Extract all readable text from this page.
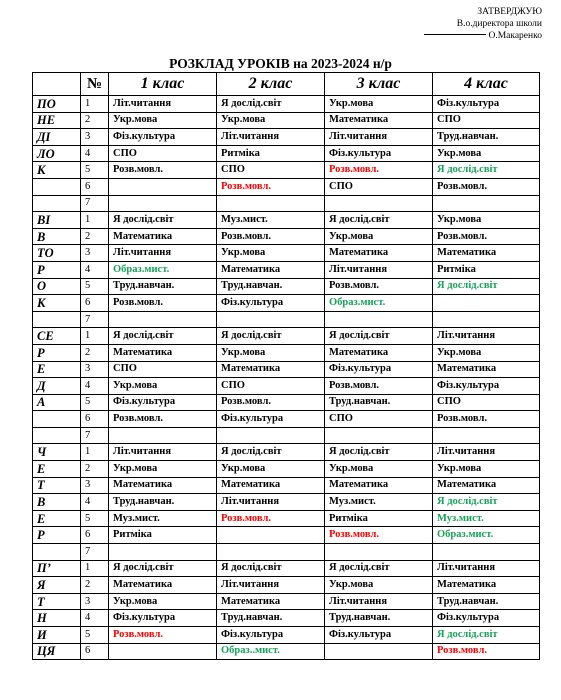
ЗАТВЕРДЖУЮ
В.о.директора школи
О.Макаренко
РОЗКЛАД УРОКІВ на 2023-2024 н/р
	№	1 клас	2 клас	3 клас	4 клас
ПО	1	Літ.читання	Я дослід.світ	Укр.мова	Фіз.культура
НЕ	2	Укр.мова	Укр.мова	Математика	СПО
ДІ	3	Фіз.культура	Літ.читання	Літ.читання	Труд.навчан.
ЛО	4	СПО	Ритміка	Фіз.культура	Укр.мова
К	5	Розв.мовл.	СПО	Розв.мовл.	Я дослід.світ
	6		Розв.мовл.	СПО	Розв.мовл.
	7				
ВІ	1	Я дослід.світ	Муз.мист.	Я дослід.світ	Укр.мова
В	2	Математика	Розв.мовл.	Укр.мова	Розв.мовл.
ТО	3	Літ.читання	Укр.мова	Математика	Математика
Р	4	Образ.мист.	Математика	Літ.читання	Ритміка
О	5	Труд.навчан.	Труд.навчан.	Розв.мовл.	Я дослід.світ
К	6	Розв.мовл.	Фіз.культура	Образ.мист.	
	7				
СЕ	1	Я дослід.світ	Я дослід.світ	Я дослід.світ	Літ.читання
Р	2	Математика	Укр.мова	Математика	Укр.мова
Е	3	СПО	Математика	Фіз.культура	Математика
Д	4	Укр.мова	СПО	Розв.мовл.	Фіз.культура
А	5	Фіз.культура	Розв.мовл.	Труд.навчан.	СПО
	6	Розв.мовл.	Фіз.культура	СПО	Розв.мовл.
	7				
Ч	1	Літ.читання	Я дослід.світ	Я дослід.світ	Літ.читання
Е	2	Укр.мова	Укр.мова	Укр.мова	Укр.мова
Т	3	Математика	Математика	Математика	Математика
В	4	Труд.навчан.	Літ.читання	Муз.мист.	Я дослід.світ
Е	5	Муз.мист.	Розв.мовл.	Ритміка	Муз.мист.
Р	6	Ритміка		Розв.мовл.	Образ.мист.
	7				
П’	1	Я дослід.світ	Я дослід.світ	Я дослід.світ	Літ.читання
Я	2	Математика	Літ.читання	Укр.мова	Математика
Т	3	Укр.мова	Математика	Літ.читання	Труд.навчан.
Н	4	Фіз.культура	Труд.навчан.	Труд.навчан.	Фіз.культура
И	5	Розв.мовл.	Фіз.культура	Фіз.культура	Я дослід.світ
ЦЯ	6		Образ..мист.		Розв.мовл.
